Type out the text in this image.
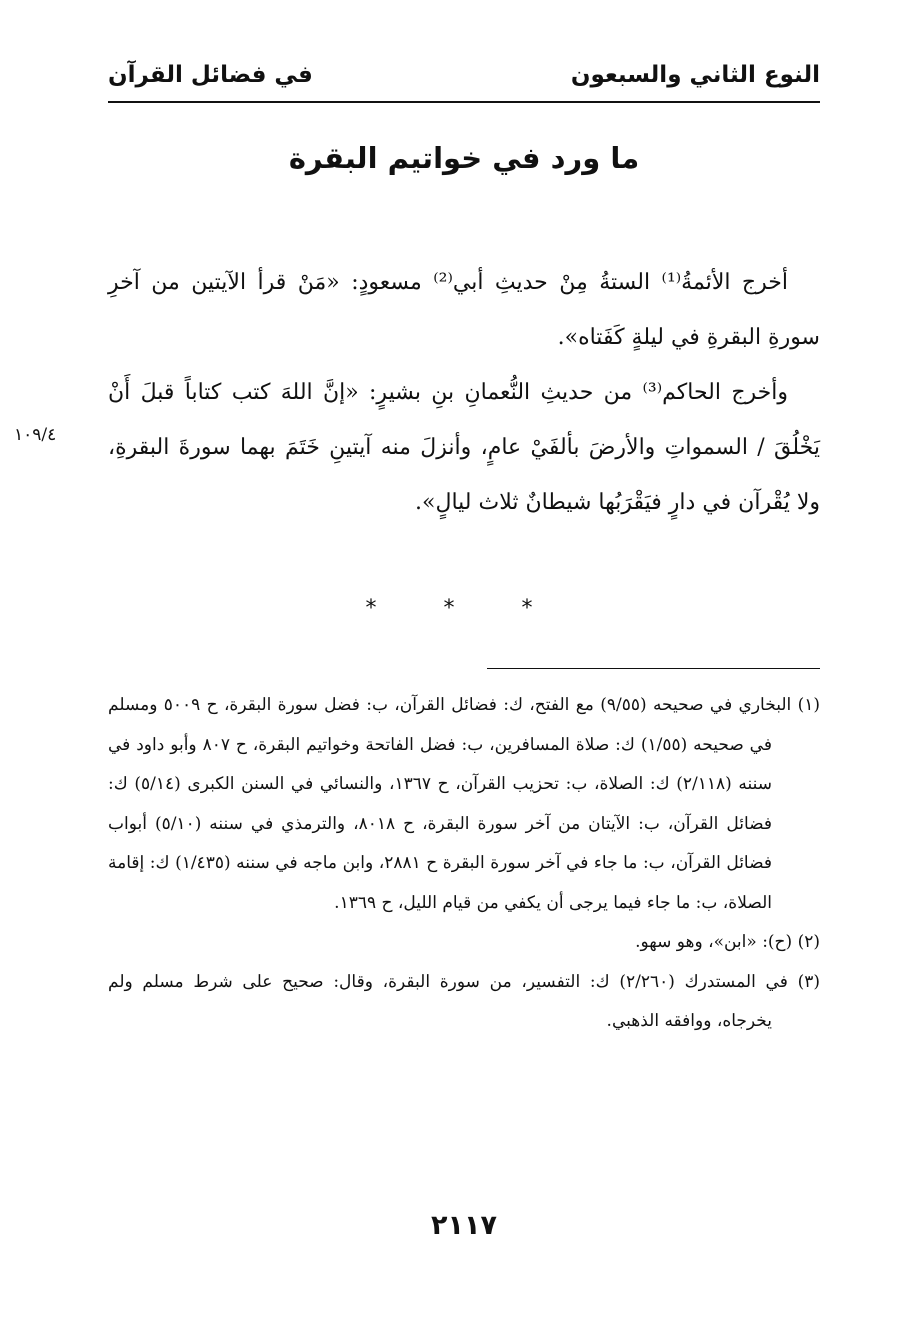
النوع الثاني والسبعون
في فضائل القرآن
ما ورد في خواتيم البقرة

أخرج الأئمةُ⁽¹⁾ الستةُ مِنْ حديثِ أبي⁽²⁾ مسعودٍ: «مَنْ قرأ الآيتين من آخرِ سورةِ البقرةِ في ليلةٍ كَفَتاه».

وأخرج الحاكم⁽³⁾ من حديثِ النُّعمانِ بنِ بشيرٍ: «إنَّ اللهَ كتب كتاباً قبلَ أَنْ يَخْلُقَ / السمواتِ والأرضَ بألفَيْ عامٍ، وأنزلَ منه آيتينِ خَتَمَ بهما سورةَ البقرةِ، ولا يُقْرآن في دارٍ فيَقْرَبُها شيطانٌ ثلاث ليالٍ».

١٠٩/٤
* * *

(١) البخاري في صحيحه (٩/٥٥) مع الفتح، ك: فضائل القرآن، ب: فضل سورة البقرة، ح ٥٠٠٩ ومسلم في صحيحه (١/٥٥) ك: صلاة المسافرين، ب: فضل الفاتحة وخواتيم البقرة، ح ٨٠٧ وأبو داود في سننه (٢/١١٨) ك: الصلاة، ب: تحزيب القرآن، ح ١٣٦٧، والنسائي في السنن الكبرى (٥/١٤) ك: فضائل القرآن، ب: الآيتان من آخر سورة البقرة، ح ٨٠١٨، والترمذي في سننه (٥/١٠) أبواب فضائل القرآن، ب: ما جاء في آخر سورة البقرة ح ٢٨٨١، وابن ماجه في سننه (١/٤٣٥) ك: إقامة الصلاة، ب: ما جاء فيما يرجى أن يكفي من قيام الليل، ح ١٣٦٩.

(٢) (ح): «ابن»، وهو سهو.

(٣) في المستدرك (٢/٢٦٠) ك: التفسير، من سورة البقرة، وقال: صحيح على شرط مسلم ولم يخرجاه، ووافقه الذهبي.

٢١١٧
